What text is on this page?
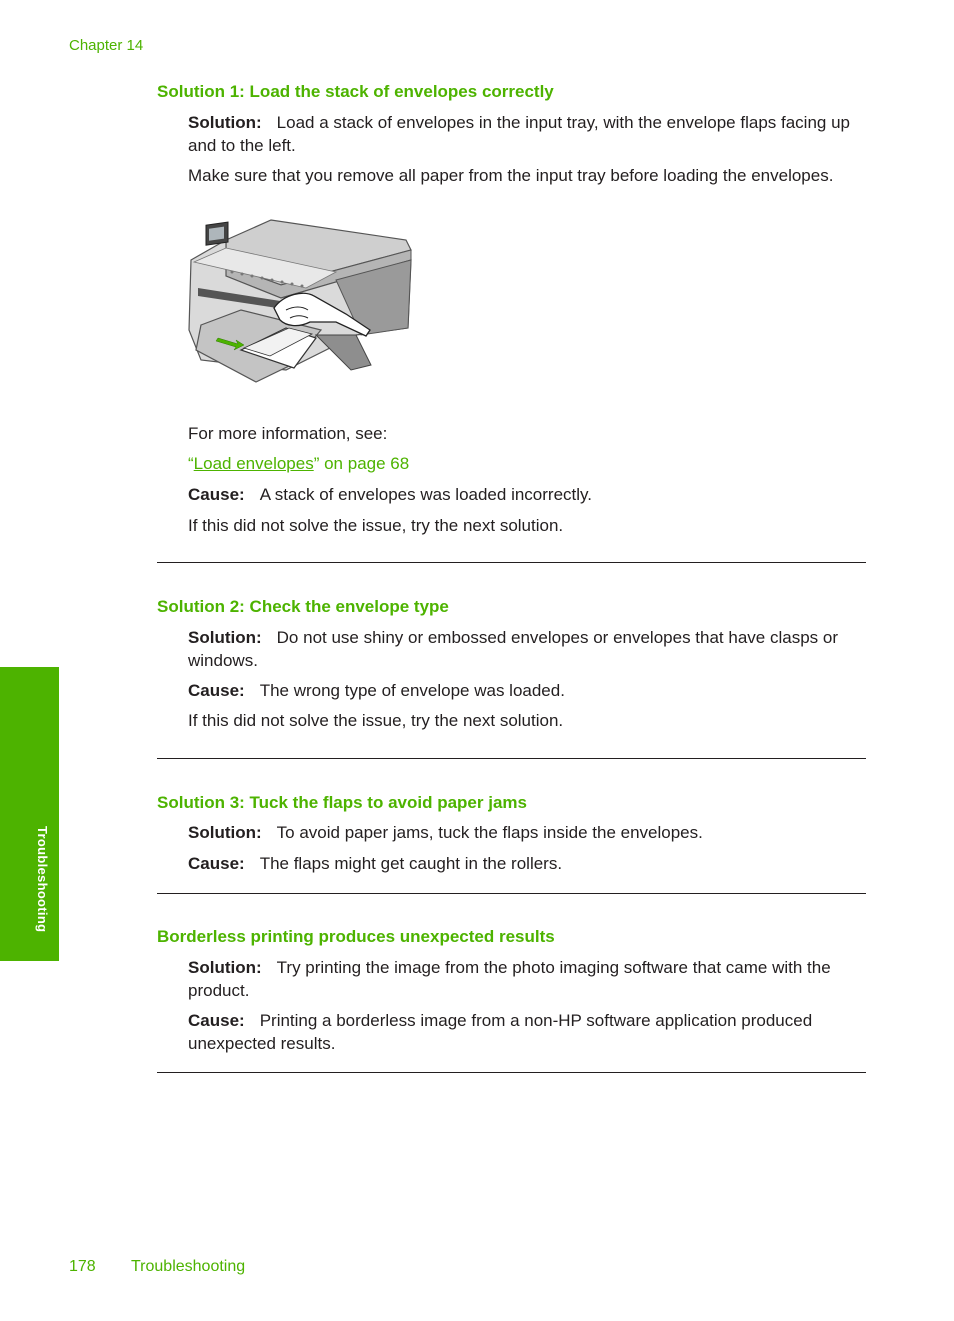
Chapter 14
Troubleshooting
Solution 1: Load the stack of envelopes correctly

Solution: Load a stack of envelopes in the input tray, with the envelope flaps facing up and to the left.

Make sure that you remove all paper from the input tray before loading the envelopes.

For more information, see:

“Load envelopes” on page 68

Cause: A stack of envelopes was loaded incorrectly.

If this did not solve the issue, try the next solution.

Solution 2: Check the envelope type

Solution: Do not use shiny or embossed envelopes or envelopes that have clasps or windows.

Cause: The wrong type of envelope was loaded.

If this did not solve the issue, try the next solution.

Solution 3: Tuck the flaps to avoid paper jams

Solution: To avoid paper jams, tuck the flaps inside the envelopes.

Cause: The flaps might get caught in the rollers.

Borderless printing produces unexpected results

Solution: Try printing the image from the photo imaging software that came with the product.

Cause: Printing a borderless image from a non-HP software application produced unexpected results.

178 Troubleshooting
